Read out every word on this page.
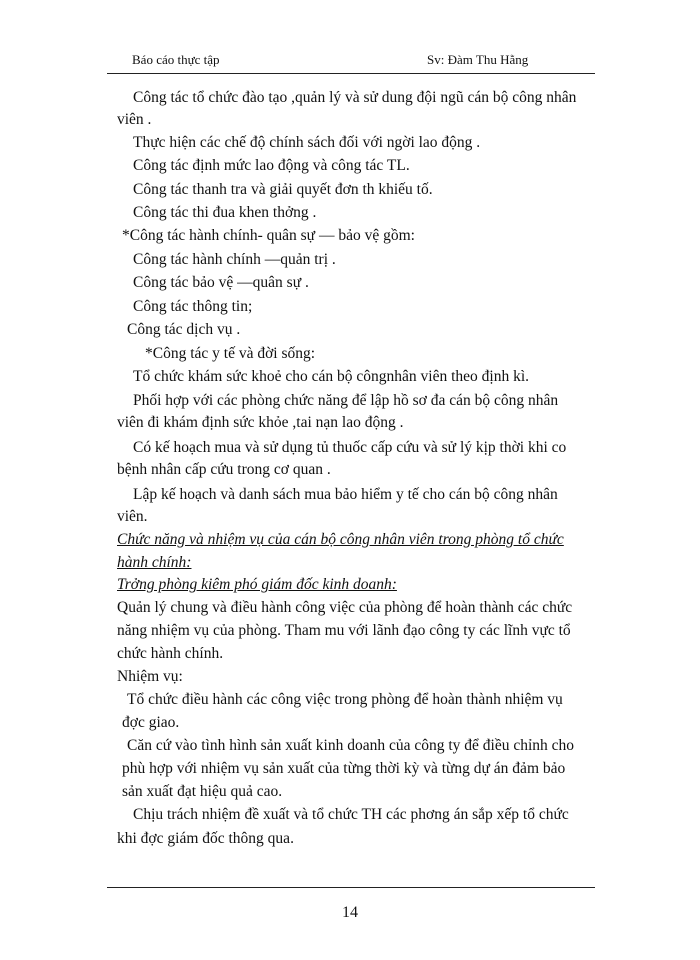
Báo cáo thực tập	Sv: Đàm Thu Hằng
Công tác tổ chức đào tạo ,quản lý và sử dung đội ngũ cán bộ công nhân
viên .
Thực hiện các chế độ chính sách đối với ngời lao động .
Công tác định mức lao động và công tác TL.
Công tác thanh tra và giải quyết đơn th khiếu tố.
Công tác thi đua khen thởng .
*Công tác hành chính- quân sự — bảo vệ gồm:
Công tác hành chính —quản trị .
Công tác bảo vệ —quân sự .
Công tác thông tin;
Công tác dịch vụ .
*Công tác y tế và đời sống:
Tổ chức khám sức khoẻ cho cán bộ côngnhân viên theo định kì.
Phối hợp với các phòng chức năng để lập hồ sơ đa cán bộ công nhân
viên đi khám định sức khỏe ,tai nạn lao động .
Có kế hoạch mua và sử dụng tủ thuốc cấp cứu và sử lý kịp thời khi co
bệnh nhân cấp cứu trong cơ quan .
Lập kế hoạch và danh sách mua bảo hiểm y tế cho cán bộ công nhân
viên.
Chức năng và nhiệm vụ của cán bộ công nhân viên trong phòng tổ chức
hành chính:
Trởng phòng kiêm phó giám đốc kinh doanh:
Quản lý chung và điều hành công việc của phòng để hoàn thành các chức
năng nhiệm vụ của phòng. Tham mu với lãnh đạo công ty các lĩnh vực tổ
chức hành chính.
Nhiệm vụ:
Tổ chức điều hành các công việc trong phòng để hoàn thành nhiệm vụ
đợc giao.
Căn cứ vào tình hình sản xuất kinh doanh của công ty để điều chỉnh cho
phù hợp với nhiệm vụ sản xuất của từng thời kỳ và từng dự án đảm bảo
sản xuất đạt hiệu quả cao.
Chịu trách nhiệm đề xuất và tổ chức TH các phơng án sắp xếp tổ chức
khi đợc giám đốc thông qua.
14
